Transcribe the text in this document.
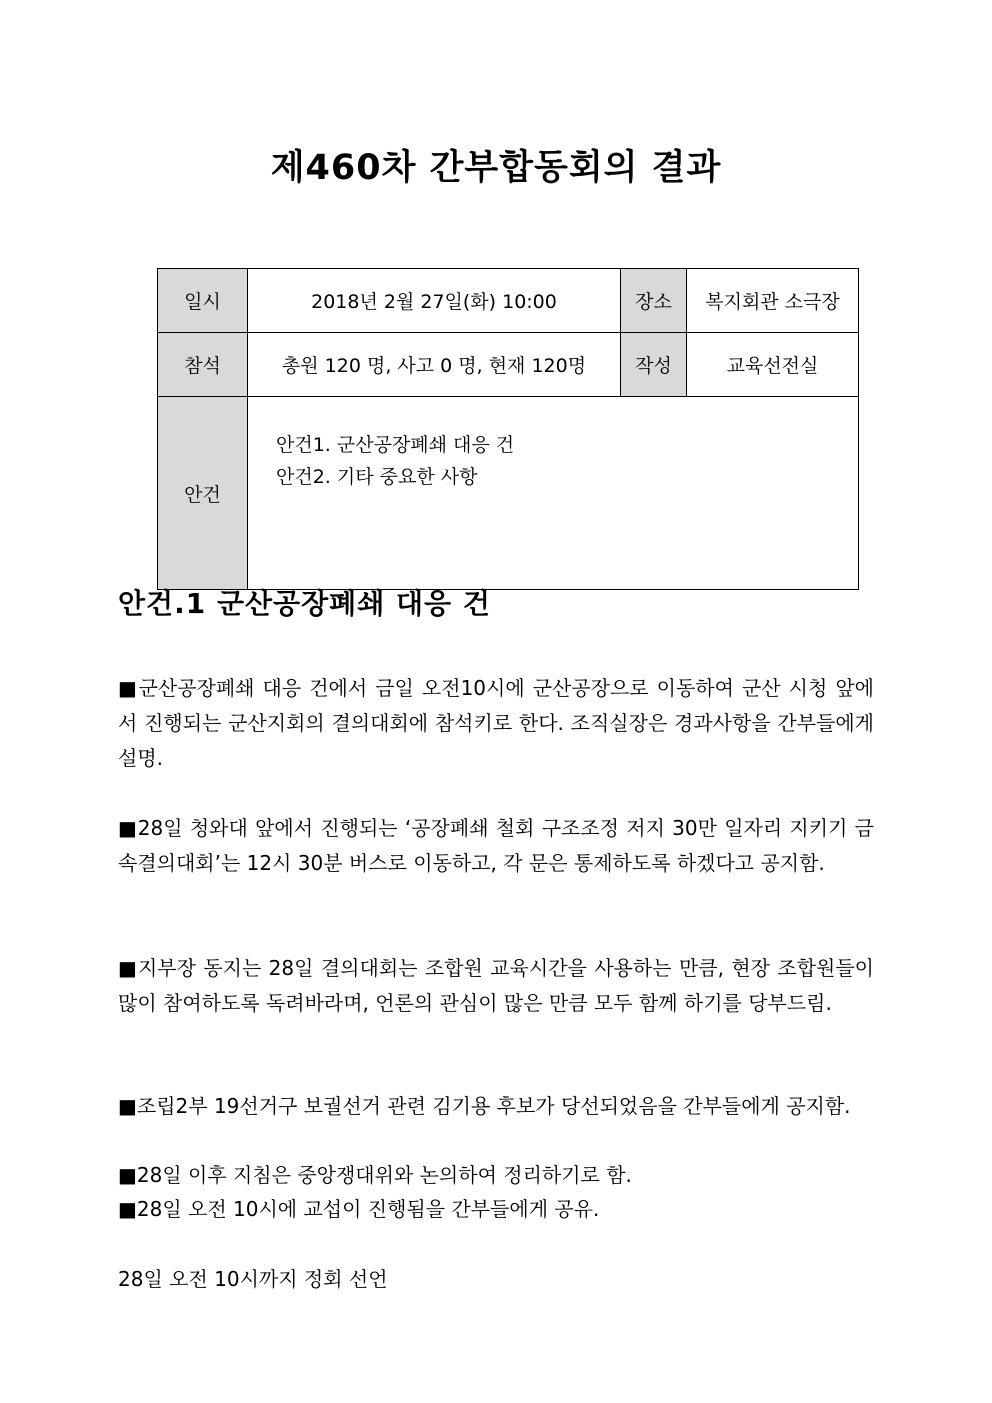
제460차 간부합동회의 결과
일시	2018년 2월 27일(화) 10:00	장소	복지회관 소극장
참석	총원 120 명, 사고 0 명, 현재 120명	작성	교육선전실
안건	안건1. 군산공장폐쇄 대응 건
안건2. 기타 중요한 사항		
안건.1 군산공장폐쇄 대응 건
■군산공장폐쇄 대응 건에서 금일 오전10시에 군산공장으로 이동하여 군산 시청 앞에서 진행되는 군산지회의 결의대회에 참석키로 한다. 조직실장은 경과사항을 간부들에게 설명.
■28일 청와대 앞에서 진행되는 ‘공장폐쇄 철회 구조조정 저지 30만 일자리 지키기 금속결의대회’는 12시 30분 버스로 이동하고, 각 문은 통제하도록 하겠다고 공지함.
■지부장 동지는 28일 결의대회는 조합원 교육시간을 사용하는 만큼, 현장 조합원들이 많이 참여하도록 독려바라며, 언론의 관심이 많은 만큼 모두 함께 하기를 당부드림.
■조립2부 19선거구 보궐선거 관련 김기용 후보가 당선되었음을 간부들에게 공지함.
■28일 이후 지침은 중앙쟁대위와 논의하여 정리하기로 함.
■28일 오전 10시에 교섭이 진행됨을 간부들에게 공유.
28일 오전 10시까지 정회 선언
